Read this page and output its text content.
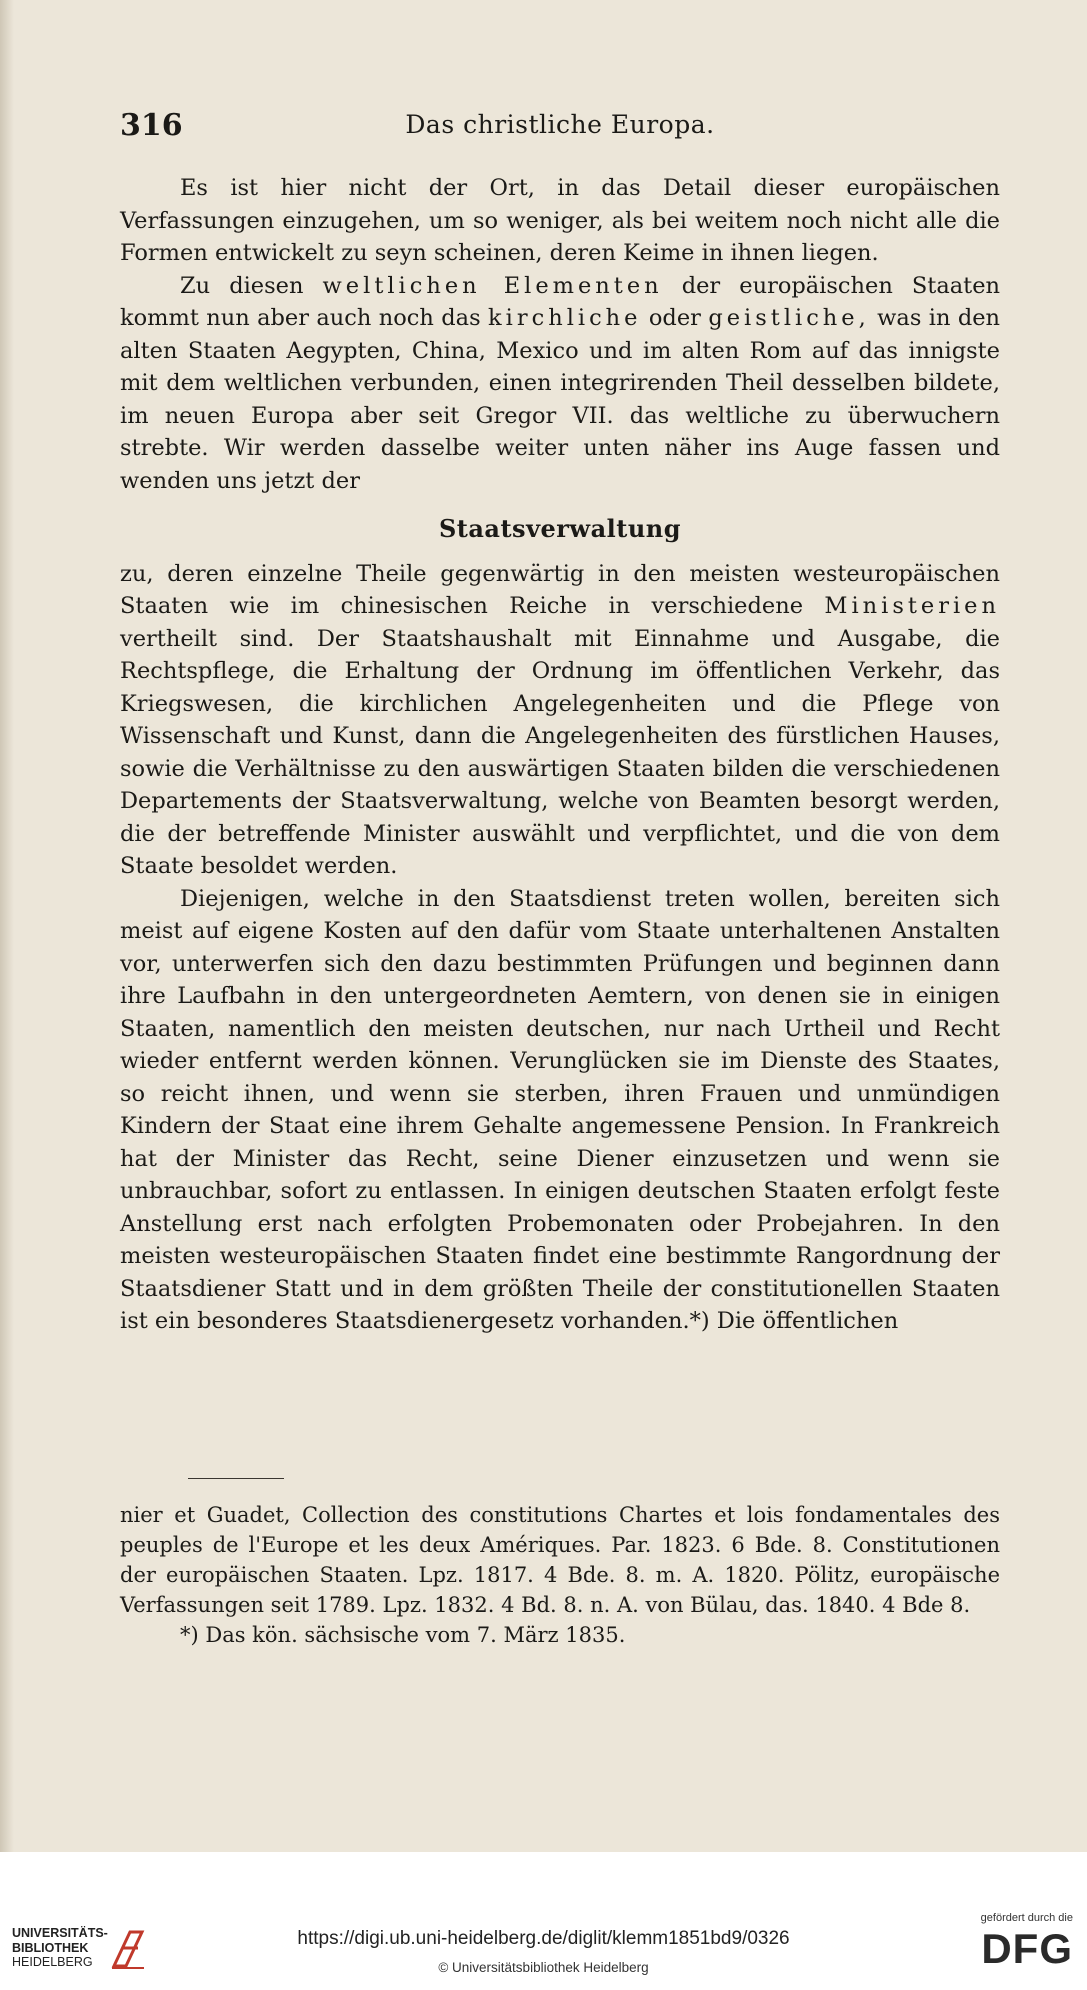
316	Das christliche Europa.

Es ist hier nicht der Ort, in das Detail dieser europäischen Verfassungen einzugehen, um so weniger, als bei weitem noch nicht alle die Formen entwickelt zu seyn scheinen, deren Keime in ihnen liegen.

Zu diesen weltlichen Elementen der europäischen Staaten kommt nun aber auch noch das kirchliche oder geistliche, was in den alten Staaten Aegypten, China, Mexico und im alten Rom auf das innigste mit dem weltlichen verbunden, einen integrirenden Theil desselben bildete, im neuen Europa aber seit Gregor VII. das weltliche zu überwuchern strebte. Wir werden dasselbe weiter unten näher ins Auge fassen und wenden uns jetzt der

Staatsverwaltung

zu, deren einzelne Theile gegenwärtig in den meisten westeuropäischen Staaten wie im chinesischen Reiche in verschiedene Ministerien vertheilt sind. Der Staatshaushalt mit Einnahme und Ausgabe, die Rechtspflege, die Erhaltung der Ordnung im öffentlichen Verkehr, das Kriegswesen, die kirchlichen Angelegenheiten und die Pflege von Wissenschaft und Kunst, dann die Angelegenheiten des fürstlichen Hauses, sowie die Verhältnisse zu den auswärtigen Staaten bilden die verschiedenen Departements der Staatsverwaltung, welche von Beamten besorgt werden, die der betreffende Minister auswählt und verpflichtet, und die von dem Staate besoldet werden.

Diejenigen, welche in den Staatsdienst treten wollen, bereiten sich meist auf eigene Kosten auf den dafür vom Staate unterhaltenen Anstalten vor, unterwerfen sich den dazu bestimmten Prüfungen und beginnen dann ihre Laufbahn in den untergeordneten Aemtern, von denen sie in einigen Staaten, namentlich den meisten deutschen, nur nach Urtheil und Recht wieder entfernt werden können. Verunglücken sie im Dienste des Staates, so reicht ihnen, und wenn sie sterben, ihren Frauen und unmündigen Kindern der Staat eine ihrem Gehalte angemessene Pension. In Frankreich hat der Minister das Recht, seine Diener einzusetzen und wenn sie unbrauchbar, sofort zu entlassen. In einigen deutschen Staaten erfolgt feste Anstellung erst nach erfolgten Probemonaten oder Probejahren. In den meisten westeuropäischen Staaten findet eine bestimmte Rangordnung der Staatsdiener Statt und in dem größten Theile der constitutionellen Staaten ist ein besonderes Staatsdienergesetz vorhanden.*) Die öffentlichen

nier et Guadet, Collection des constitutions Chartes et lois fondamentales des peuples de l'Europe et les deux Amériques. Par. 1823. 6 Bde. 8. Constitutionen der europäischen Staaten. Lpz. 1817. 4 Bde. 8. m. A. 1820. Pölitz, europäische Verfassungen seit 1789. Lpz. 1832. 4 Bd. 8. n. A. von Bülau, das. 1840. 4 Bde 8.

*) Das kön. sächsische vom 7. März 1835.

UNIVERSITÄTS-
BIBLIOTHEK
HEIDELBERG
https://digi.ub.uni-heidelberg.de/diglit/klemm1851bd9/0326
© Universitätsbibliothek Heidelberg
gefördert durch die
DFG
